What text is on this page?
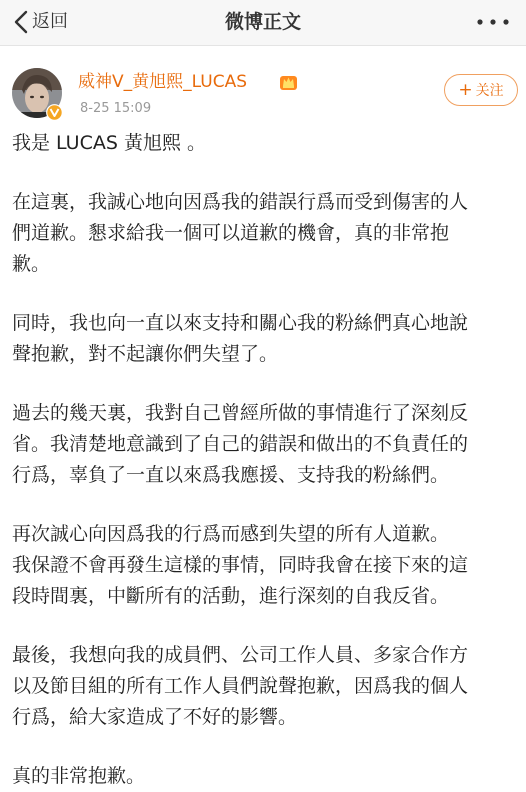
返回	微博正文
威神V_黄旭熙_LUCAS
8-25 15:09
+ 关注

我是 LUCAS 黃旭熙 。

在這裏，我誠心地向因爲我的錯誤行爲而受到傷害的人
們道歉。懇求給我一個可以道歉的機會，真的非常抱
歉。

同時，我也向一直以來支持和關心我的粉絲們真心地說
聲抱歉，對不起讓你們失望了。

過去的幾天裏，我對自己曾經所做的事情進行了深刻反
省。我清楚地意識到了自己的錯誤和做出的不負責任的
行爲，辜負了一直以來爲我應援、支持我的粉絲們。

再次誠心向因爲我的行爲而感到失望的所有人道歉。
我保證不會再發生這樣的事情，同時我會在接下來的這
段時間裏，中斷所有的活動，進行深刻的自我反省。

最後，我想向我的成員們、公司工作人員、多家合作方
以及節目組的所有工作人員們說聲抱歉，因爲我的個人
行爲，給大家造成了不好的影響。

真的非常抱歉。
